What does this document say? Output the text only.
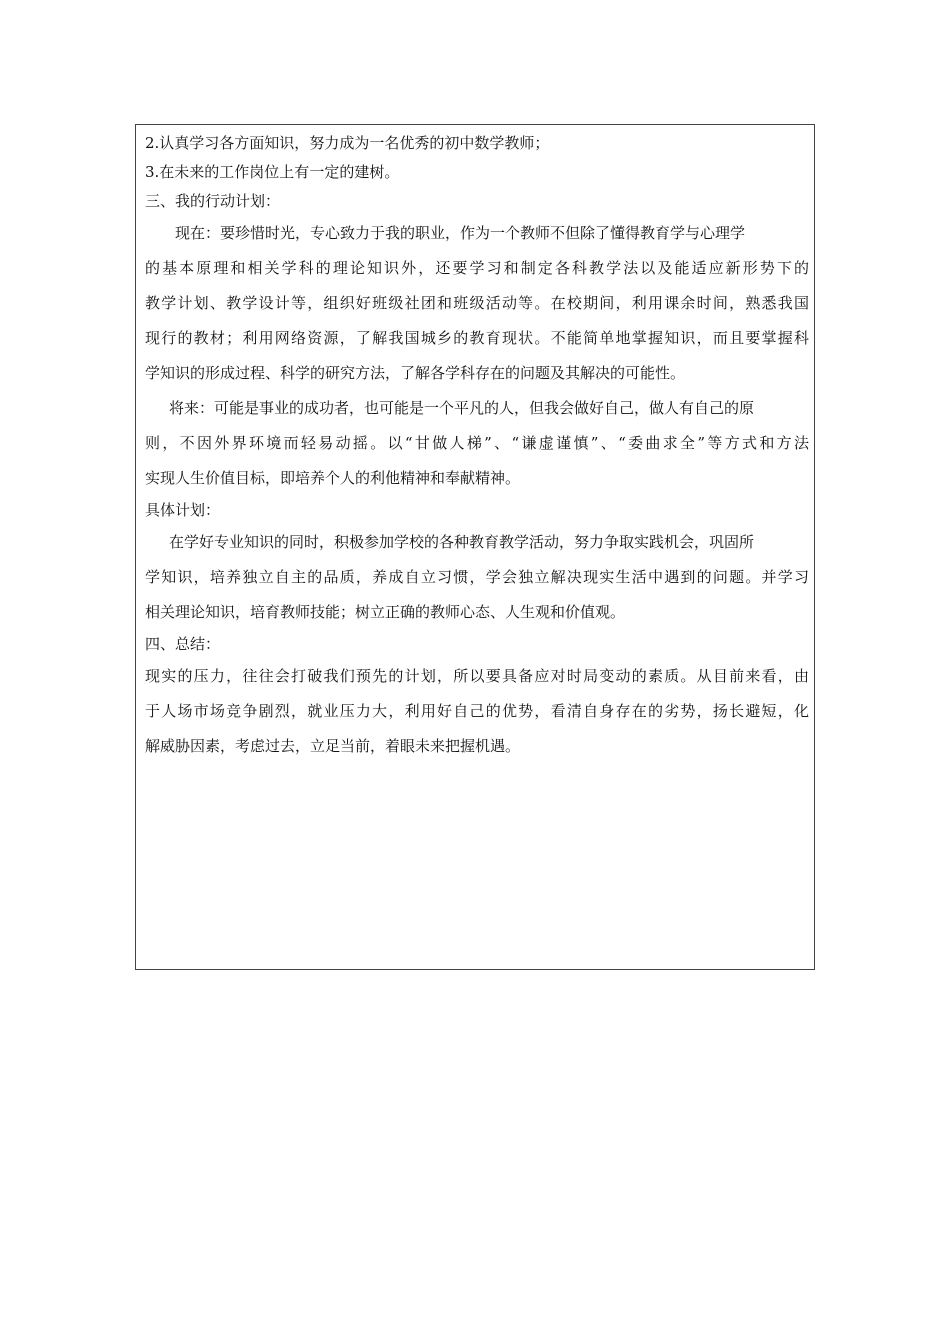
2.认真学习各方面知识，努力成为一名优秀的初中数学教师；
3.在未来的工作岗位上有一定的建树。
三、我的行动计划：
现在：要珍惜时光，专心致力于我的职业，作为一个教师不但除了懂得教育学与心理学
的基本原理和相关学科的理论知识外，还要学习和制定各科教学法以及能适应新形势下的
教学计划、教学设计等，组织好班级社团和班级活动等。在校期间，利用课余时间，熟悉我国
现行的教材；利用网络资源，了解我国城乡的教育现状。不能简单地掌握知识，而且要掌握科
学知识的形成过程、科学的研究方法，了解各学科存在的问题及其解决的可能性。
将来：可能是事业的成功者，也可能是一个平凡的人，但我会做好自己，做人有自己的原
则，不因外界环境而轻易动摇。以“甘做人梯”、“谦虚谨慎”、“委曲求全”等方式和方法
实现人生价值目标，即培养个人的利他精神和奉献精神。
具体计划：
在学好专业知识的同时，积极参加学校的各种教育教学活动，努力争取实践机会，巩固所
学知识，培养独立自主的品质，养成自立习惯，学会独立解决现实生活中遇到的问题。并学习
相关理论知识，培育教师技能；树立正确的教师心态、人生观和价值观。
四、总结：
现实的压力，往往会打破我们预先的计划，所以要具备应对时局变动的素质。从目前来看，由
于人场市场竞争剧烈，就业压力大，利用好自己的优势，看清自身存在的劣势，扬长避短，化
解威胁因素，考虑过去，立足当前，着眼未来把握机遇。
